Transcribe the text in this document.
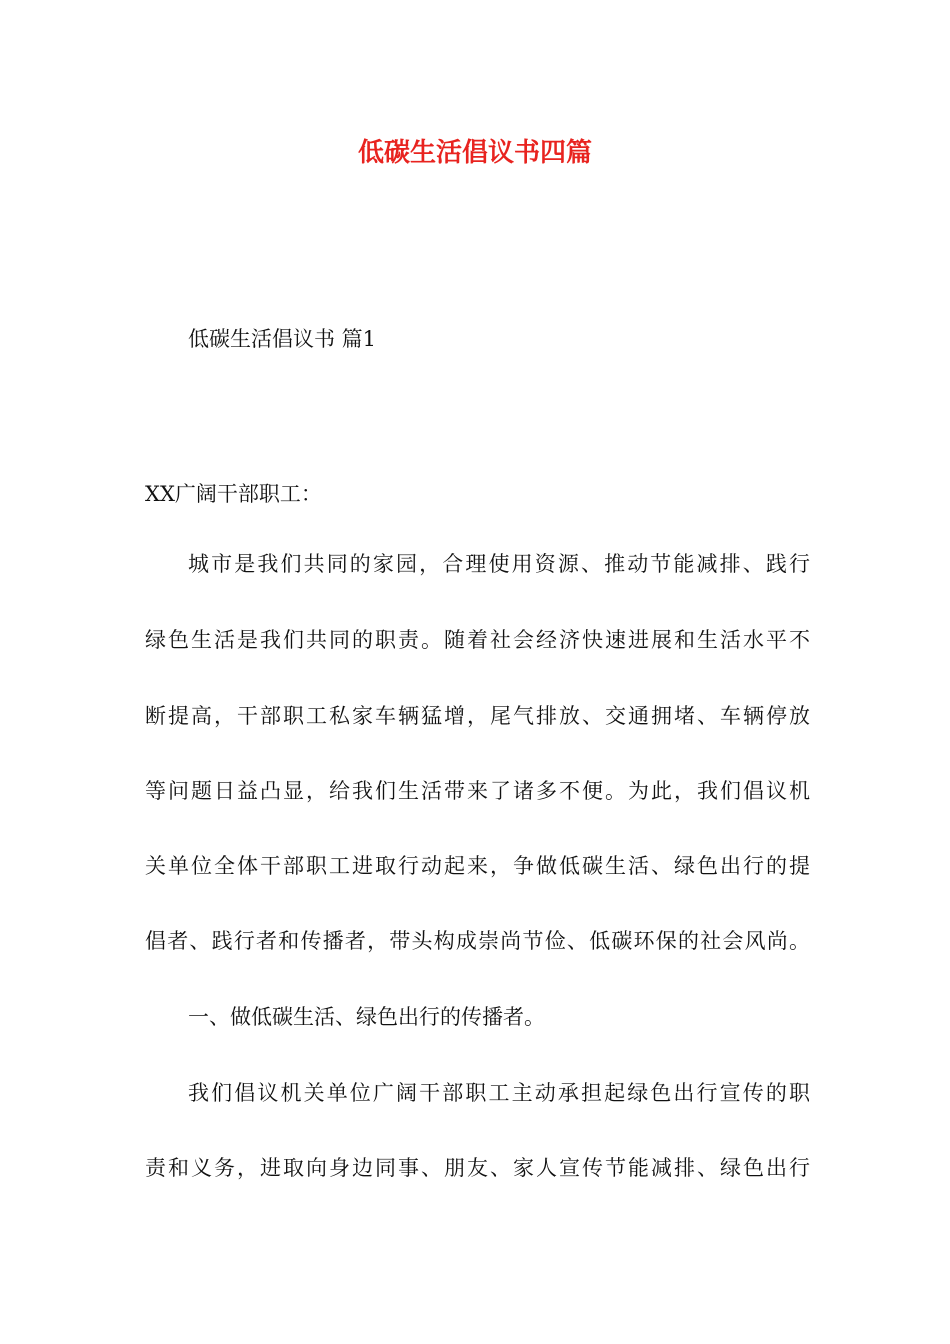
低碳生活倡议书四篇
低碳生活倡议书 篇1
XX广阔干部职工：
城市是我们共同的家园，合理使用资源、推动节能减排、践行
绿色生活是我们共同的职责。随着社会经济快速进展和生活水平不
断提高，干部职工私家车辆猛增，尾气排放、交通拥堵、车辆停放
等问题日益凸显，给我们生活带来了诸多不便。为此，我们倡议机
关单位全体干部职工进取行动起来，争做低碳生活、绿色出行的提
倡者、践行者和传播者，带头构成崇尚节俭、低碳环保的社会风尚。
一、做低碳生活、绿色出行的传播者。
我们倡议机关单位广阔干部职工主动承担起绿色出行宣传的职
责和义务，进取向身边同事、朋友、家人宣传节能减排、绿色出行
